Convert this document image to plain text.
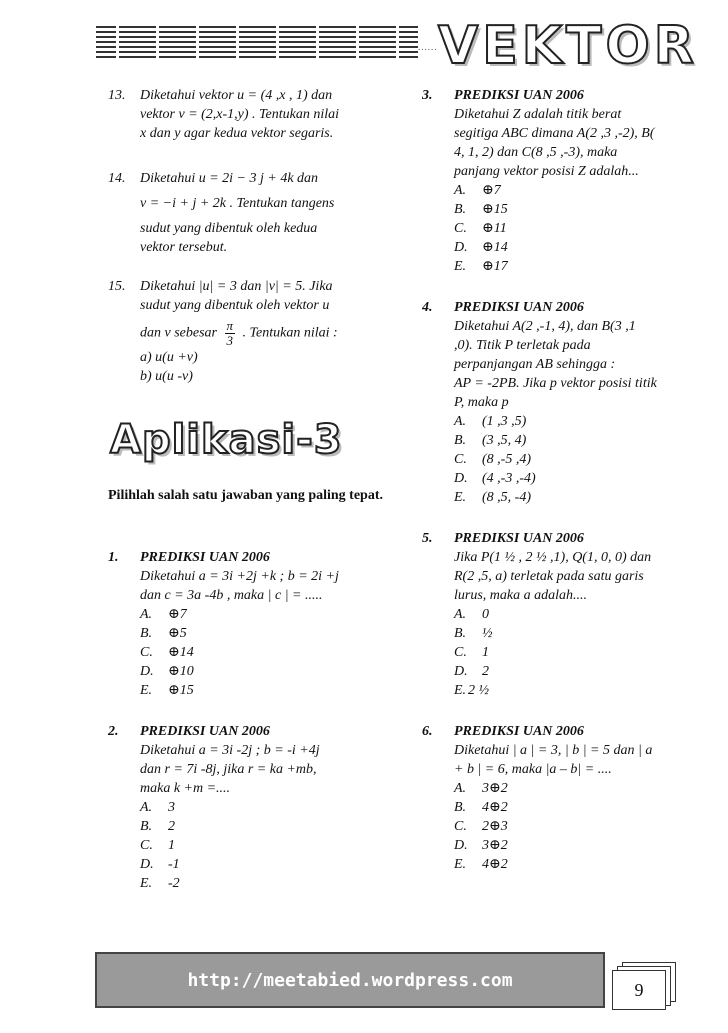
...... VEKTOR
13. Diketahui vektor u = (4 ,x , 1) dan
vektor v = (2,x-1,y) . Tentukan nilai
x dan y agar kedua vektor segaris.
14. Diketahui u = 2i − 3 j + 4k dan
v = −i + j + 2k . Tentukan tangens
sudut yang dibentuk oleh kedua
vektor tersebut.
15. Diketahui |u| = 3 dan |v| = 5. Jika
sudut yang dibentuk oleh vektor u
dan v sebesar $\frac{\pi}{3}$ . Tentukan nilai :
a) u(u +v)
b) u(u -v)
Aplikasi-3
Pilihlah salah satu jawaban yang paling tepat.
1. PREDIKSI UAN 2006
Diketahui a = 3i +2j +k ; b = 2i +j
dan c = 3a -4b , maka | c | = .....
A. ⊕7
B. ⊕5
C. ⊕14
D. ⊕10
E. ⊕15
2. PREDIKSI UAN 2006
Diketahui a = 3i -2j ; b = -i +4j
dan r = 7i -8j, jika r = ka +mb,
maka k +m =....
A. 3
B. 2
C. 1
D. -1
E. -2
3. PREDIKSI UAN 2006
Diketahui Z adalah titik berat
segitiga ABC dimana A(2 ,3 ,-2), B(
4, 1, 2) dan C(8 ,5 ,-3), maka
panjang vektor posisi Z adalah...
A. ⊕7
B. ⊕15
C. ⊕11
D. ⊕14
E. ⊕17
4. PREDIKSI UAN 2006
Diketahui A(2 ,-1, 4), dan B(3 ,1
,0). Titik P terletak pada
perpanjangan AB sehingga :
AP = -2PB. Jika p vektor posisi titik
P, maka p
A. (1 ,3 ,5)
B. (3 ,5, 4)
C. (8 ,-5 ,4)
D. (4 ,-3 ,-4)
E. (8 ,5, -4)
5. PREDIKSI UAN 2006
Jika P(1 ½ , 2 ½ ,1), Q(1, 0, 0) dan
R(2 ,5, a) terletak pada satu garis
lurus, maka a adalah....
A. 0
B. ½
C. 1
D. 2
E. 2 ½
6. PREDIKSI UAN 2006
Diketahui | a | = 3, | b | = 5 dan | a
+ b | = 6, maka |a – b| = ....
A. 3⊕2
B. 4⊕2
C. 2⊕3
D. 3⊕2
E. 4⊕2
http://meetabied.wordpress.com	9
